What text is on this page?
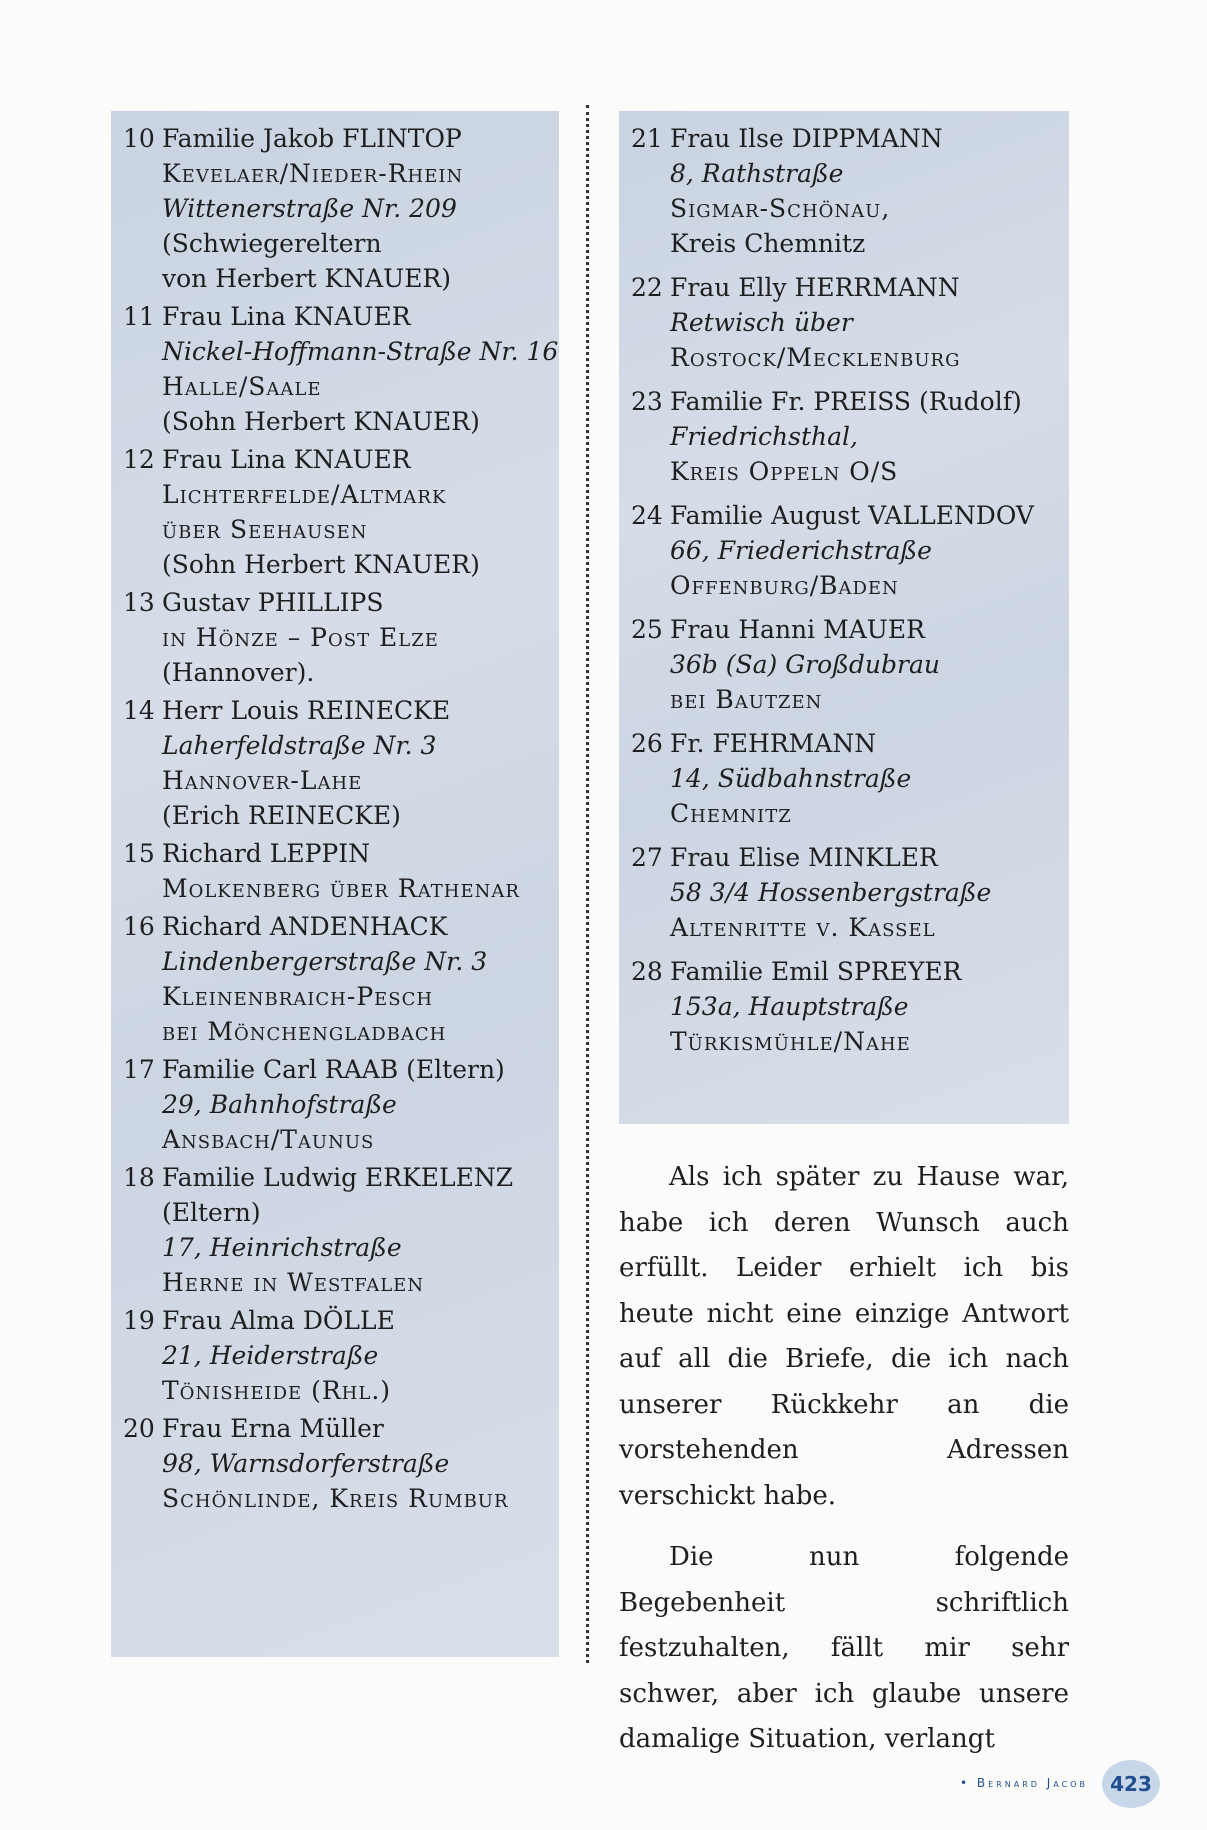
10 Familie Jakob FLINTOP
Kevelaer/Nieder-Rhein
Wittenerstraße Nr. 209
(Schwiegereltern
von Herbert KNAUER)
11 Frau Lina KNAUER
Nickel-Hoffmann-Straße Nr. 16
Halle/Saale
(Sohn Herbert KNAUER)
12 Frau Lina KNAUER
Lichterfelde/Altmark
über Seehausen
(Sohn Herbert KNAUER)
13 Gustav PHILLIPS
in Hönze – Post Elze
(Hannover).
14 Herr Louis REINECKE
Laherfeldstraße Nr. 3
Hannover-Lahe
(Erich REINECKE)
15 Richard LEPPIN
Molkenberg über Rathenar
16 Richard ANDENHACK
Lindenbergerstraße Nr. 3
Kleinenbraich-Pesch
bei Mönchengladbach
17 Familie Carl RAAB (Eltern)
29, Bahnhofstraße
Ansbach/Taunus
18 Familie Ludwig ERKELENZ
(Eltern)
17, Heinrichstraße
Herne in Westfalen
19 Frau Alma DÖLLE
21, Heiderstraße
Tönisheide (Rhl.)
20 Frau Erna Müller
98, Warnsdorferstraße
Schönlinde, Kreis Rumbur
21 Frau Ilse DIPPMANN
8, Rathstraße
Sigmar-Schönau,
Kreis Chemnitz
22 Frau Elly HERRMANN
Retwisch über
Rostock/Mecklenburg
23 Familie Fr. PREISS (Rudolf)
Friedrichsthal,
Kreis Oppeln O/S
24 Familie August VALLENDOV
66, Friederichstraße
Offenburg/Baden
25 Frau Hanni MAUER
36b (Sa) Großdubrau
bei Bautzen
26 Fr. FEHRMANN
14, Südbahnstraße
Chemnitz
27 Frau Elise MINKLER
58 3/4 Hossenbergstraße
Altenritte v. Kassel
28 Familie Emil SPREYER
153a, Hauptstraße
Türkismühle/Nahe

Als ich später zu Hause war, habe ich deren Wunsch auch erfüllt. Leider erhielt ich bis heute nicht eine einzige Antwort auf all die Briefe, die ich nach unserer Rückkehr an die vorstehenden Adressen verschickt habe.

Die nun folgende Begebenheit schriftlich festzuhalten, fällt mir sehr schwer, aber ich glaube unsere damalige Situation, verlangt

• Bernard Jacob	423
